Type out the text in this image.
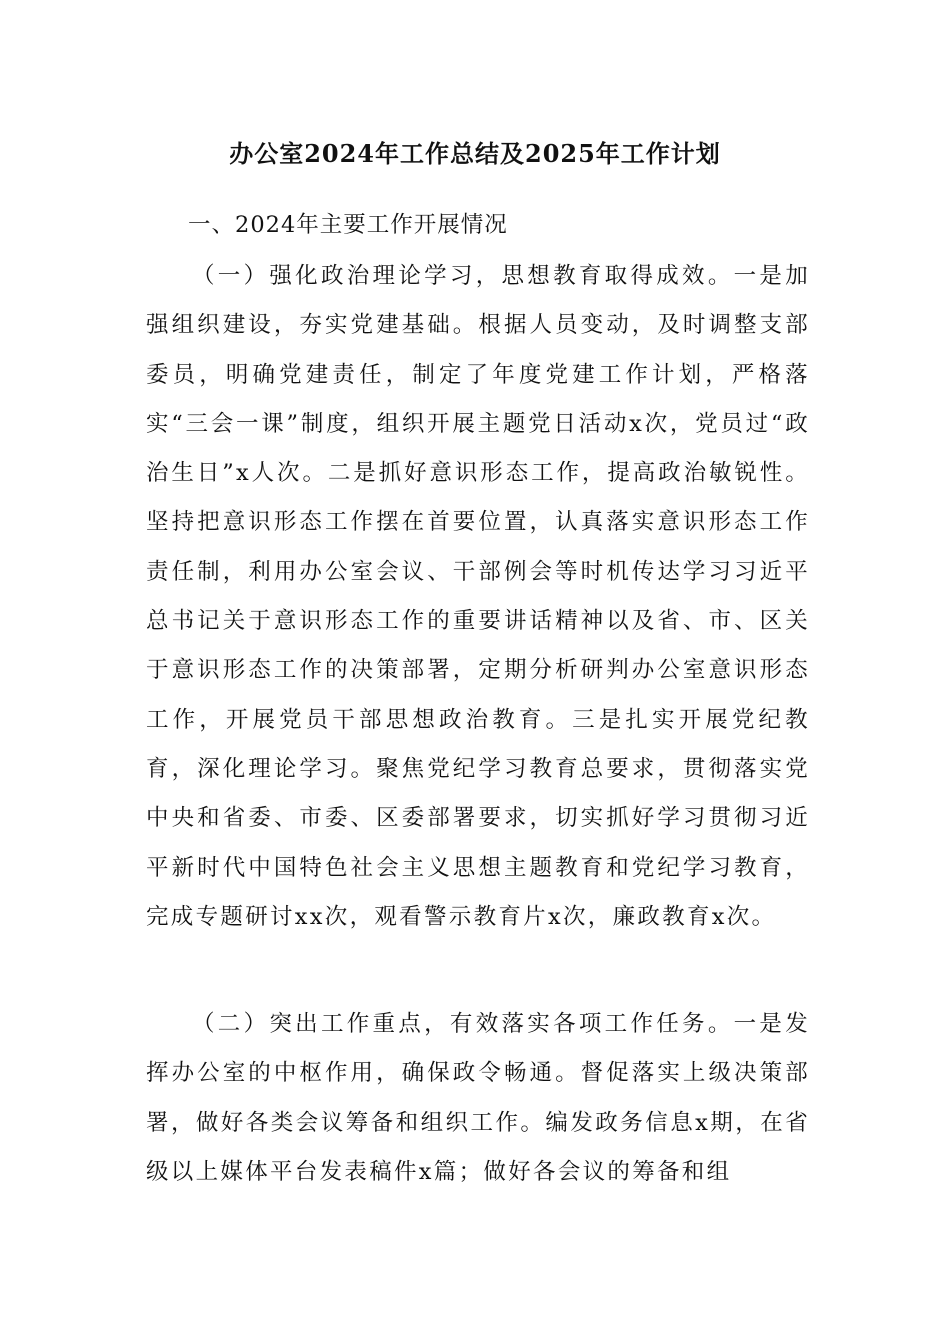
办公室2024年工作总结及2025年工作计划
一、2024年主要工作开展情况

（一）强化政治理论学习，思想教育取得成效。一是加强组织建设，夯实党建基础。根据人员变动，及时调整支部委员，明确党建责任，制定了年度党建工作计划，严格落实“三会一课”制度，组织开展主题党日活动x次，党员过“政治生日”x人次。二是抓好意识形态工作，提高政治敏锐性。坚持把意识形态工作摆在首要位置，认真落实意识形态工作责任制，利用办公室会议、干部例会等时机传达学习习近平总书记关于意识形态工作的重要讲话精神以及省、市、区关于意识形态工作的决策部署，定期分析研判办公室意识形态工作，开展党员干部思想政治教育。三是扎实开展党纪教育，深化理论学习。聚焦党纪学习教育总要求，贯彻落实党中央和省委、市委、区委部署要求，切实抓好学习贯彻习近平新时代中国特色社会主义思想主题教育和党纪学习教育，完成专题研讨xx次，观看警示教育片x次，廉政教育x次。

（二）突出工作重点，有效落实各项工作任务。一是发挥办公室的中枢作用，确保政令畅通。督促落实上级决策部署，做好各类会议筹备和组织工作。编发政务信息x期，在省级以上媒体平台发表稿件x篇；做好各会议的筹备和组
